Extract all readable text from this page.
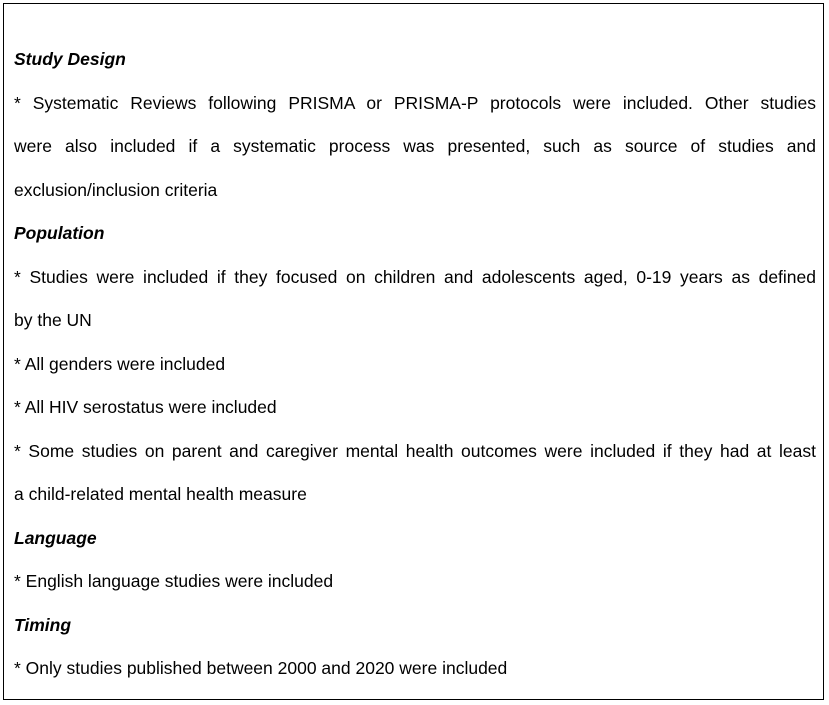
Study Design
* Systematic Reviews following PRISMA or PRISMA-P protocols were included. Other studies
were also included if a systematic process was presented, such as source of studies and
exclusion/inclusion criteria
Population
* Studies were included if they focused on children and adolescents aged, 0-19 years as defined
by the UN
* All genders were included
* All HIV serostatus were included
* Some studies on parent and caregiver mental health outcomes were included if they had at least
a child-related mental health measure
Language
* English language studies were included
Timing
* Only studies published between 2000 and 2020 were included
